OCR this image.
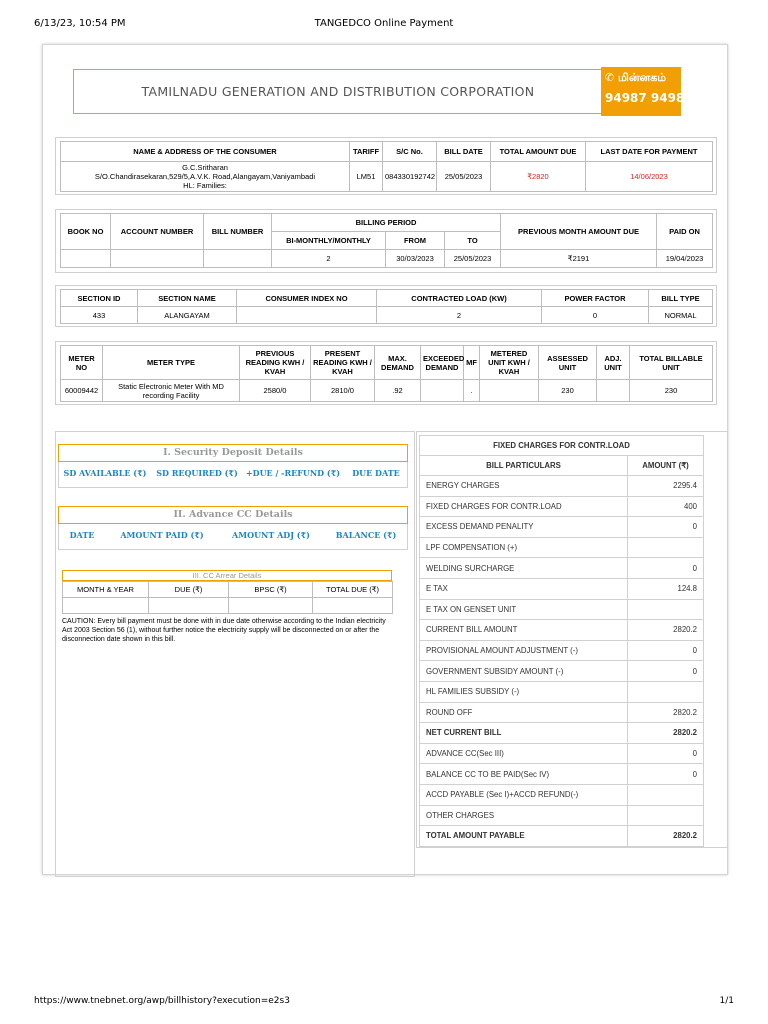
6/13/23, 10:54 PM	TANGEDCO Online Payment
TAMILNADU GENERATION AND DISTRIBUTION CORPORATION
✆ மின்னகம்
94987 94987
NAME & ADDRESS OF THE CONSUMER	TARIFF	S/C No.	BILL DATE	TOTAL AMOUNT DUE	LAST DATE FOR PAYMENT

G.C.Sritharan
S/O.Chandirasekaran,529/5,A.V.K. Road,Alangayam,Vaniyambadi
HL: Families:	LM51	084330192742	25/05/2023	₹2820	14/06/2023
BOOK NO	ACCOUNT NUMBER	BILL NUMBER	BILLING PERIOD			PREVIOUS MONTH AMOUNT DUE	PAID ON
			BI-MONTHLY/MONTHLY	FROM	TO		
			2	30/03/2023	25/05/2023	₹2191	19/04/2023
SECTION ID	SECTION NAME	CONSUMER INDEX NO	CONTRACTED LOAD (KW)	POWER FACTOR	BILL TYPE
433	ALANGAYAM		2	0	NORMAL
METER NO	METER TYPE	PREVIOUS READING KWH / KVAH	PRESENT READING KWH / KVAH	MAX. DEMAND	EXCEEDED DEMAND	MF	METERED UNIT KWH / KVAH	ASSESSED UNIT	ADJ. UNIT	TOTAL BILLABLE UNIT
60009442	Static Electronic Meter With MD recording Facility	2580/0	2810/0	.92		.		230		230
I. Security Deposit Details
SD AVAILABLE (₹)	SD REQUIRED (₹)	+DUE / -REFUND (₹)	DUE DATE
II. Advance CC Details
DATE	AMOUNT PAID (₹)	AMOUNT ADJ (₹)	BALANCE (₹)
III. CC Arrear Details
MONTH & YEAR	DUE (₹)	BPSC (₹)	TOTAL DUE (₹)

CAUTION: Every bill payment must be done with in due date otherwise according to the Indian electricity Act 2003 Section 56 (1), without further notice the electricity supply will be disconnected on or after the disconnection date shown in this bill.
FIXED CHARGES FOR CONTR.LOAD	
BILL PARTICULARS	AMOUNT (₹)
ENERGY CHARGES	2295.4
FIXED CHARGES FOR CONTR.LOAD	400
EXCESS DEMAND PENALITY	0
LPF COMPENSATION (+)	
WELDING SURCHARGE	0
E TAX	124.8
E TAX ON GENSET UNIT	
CURRENT BILL AMOUNT	2820.2
PROVISIONAL AMOUNT ADJUSTMENT (-)	0
GOVERNMENT SUBSIDY AMOUNT (-)	0
HL FAMILIES SUBSIDY (-)	
ROUND OFF	2820.2
NET CURRENT BILL	2820.2
ADVANCE CC(Sec III)	0
BALANCE CC TO BE PAID(Sec IV)	0
ACCD PAYABLE (Sec I)+ACCD REFUND(-)	
OTHER CHARGES	
TOTAL AMOUNT PAYABLE	2820.2
https://www.tnebnet.org/awp/billhistory?execution=e2s3	1/1
